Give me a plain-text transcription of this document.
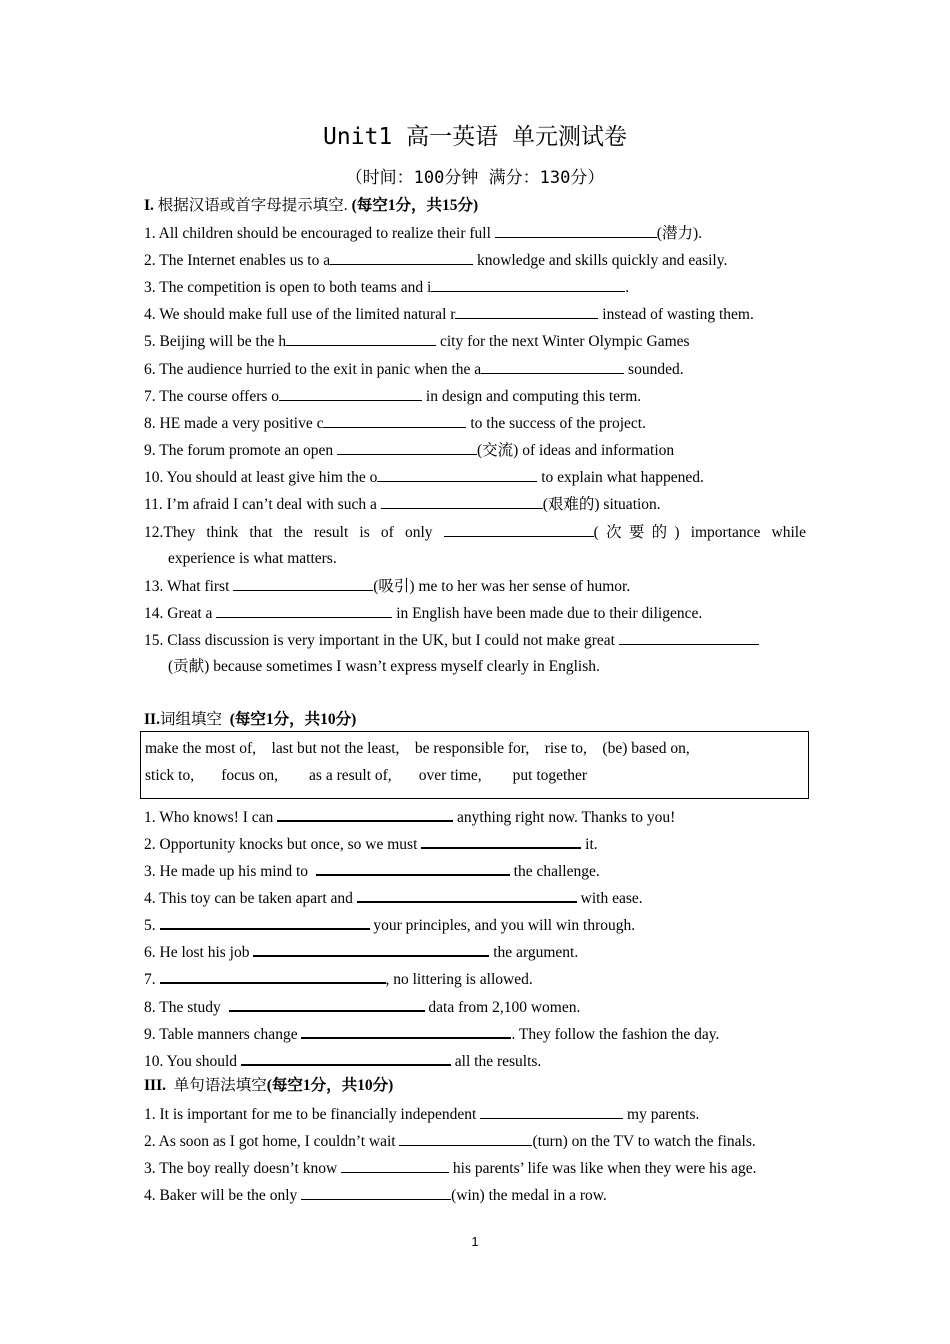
Unit1 高一英语 单元测试卷
（时间：100分钟 满分：130分）
I. 根据汉语或首字母提示填空. (每空1分，共15分)
1. All children should be encouraged to realize their full	(潜力).
2. The Internet enables us to a	knowledge and skills quickly and easily.
3. The competition is open to both teams and i	.
4. We should make full use of the limited natural r	instead of wasting them.
5. Beijing will be the h	city for the next Winter Olympic Games
6. The audience hurried to the exit in panic when the a	sounded.
7. The course offers o	in design and computing this term.
8. HE made a very positive c	to the success of the project.
9. The forum promote an open	(交流) of ideas and information
10. You should at least give him the o	to explain what happened.
11. I’m afraid I can’t deal with such a	(艰难的) situation.
12.They think that the result is of only	(次要的) importance while
experience is what matters.
13. What first	(吸引) me to her was her sense of humor.
14. Great a	in English have been made due to their diligence.
15. Class discussion is very important in the UK, but I could not make great
(贡献) because sometimes I wasn’t express myself clearly in English.
II.词组填空 (每空1分，共10分)
make the most of,    last but not the least,    be responsible for,    rise to,    (be) based on,
stick to,       focus on,        as a result of,       over time,        put together
1. Who knows! I can	anything right now. Thanks to you!
2. Opportunity knocks but once, so we must	it.
3. He made up his mind to	the challenge.
4. This toy can be taken apart and	with ease.
5.	your principles, and you will win through.
6. He lost his job	the argument.
7.	, no littering is allowed.
8. The study	data from 2,100 women.
9. Table manners change	. They follow the fashion the day.
10. You should	all the results.
III. 单句语法填空(每空1分，共10分)
1. It is important for me to be financially independent	my parents.
2. As soon as I got home, I couldn’t wait	(turn) on the TV to watch the finals.
3. The boy really doesn’t know	his parents’ life was like when they were his age.
4. Baker will be the only	(win) the medal in a row.
1
